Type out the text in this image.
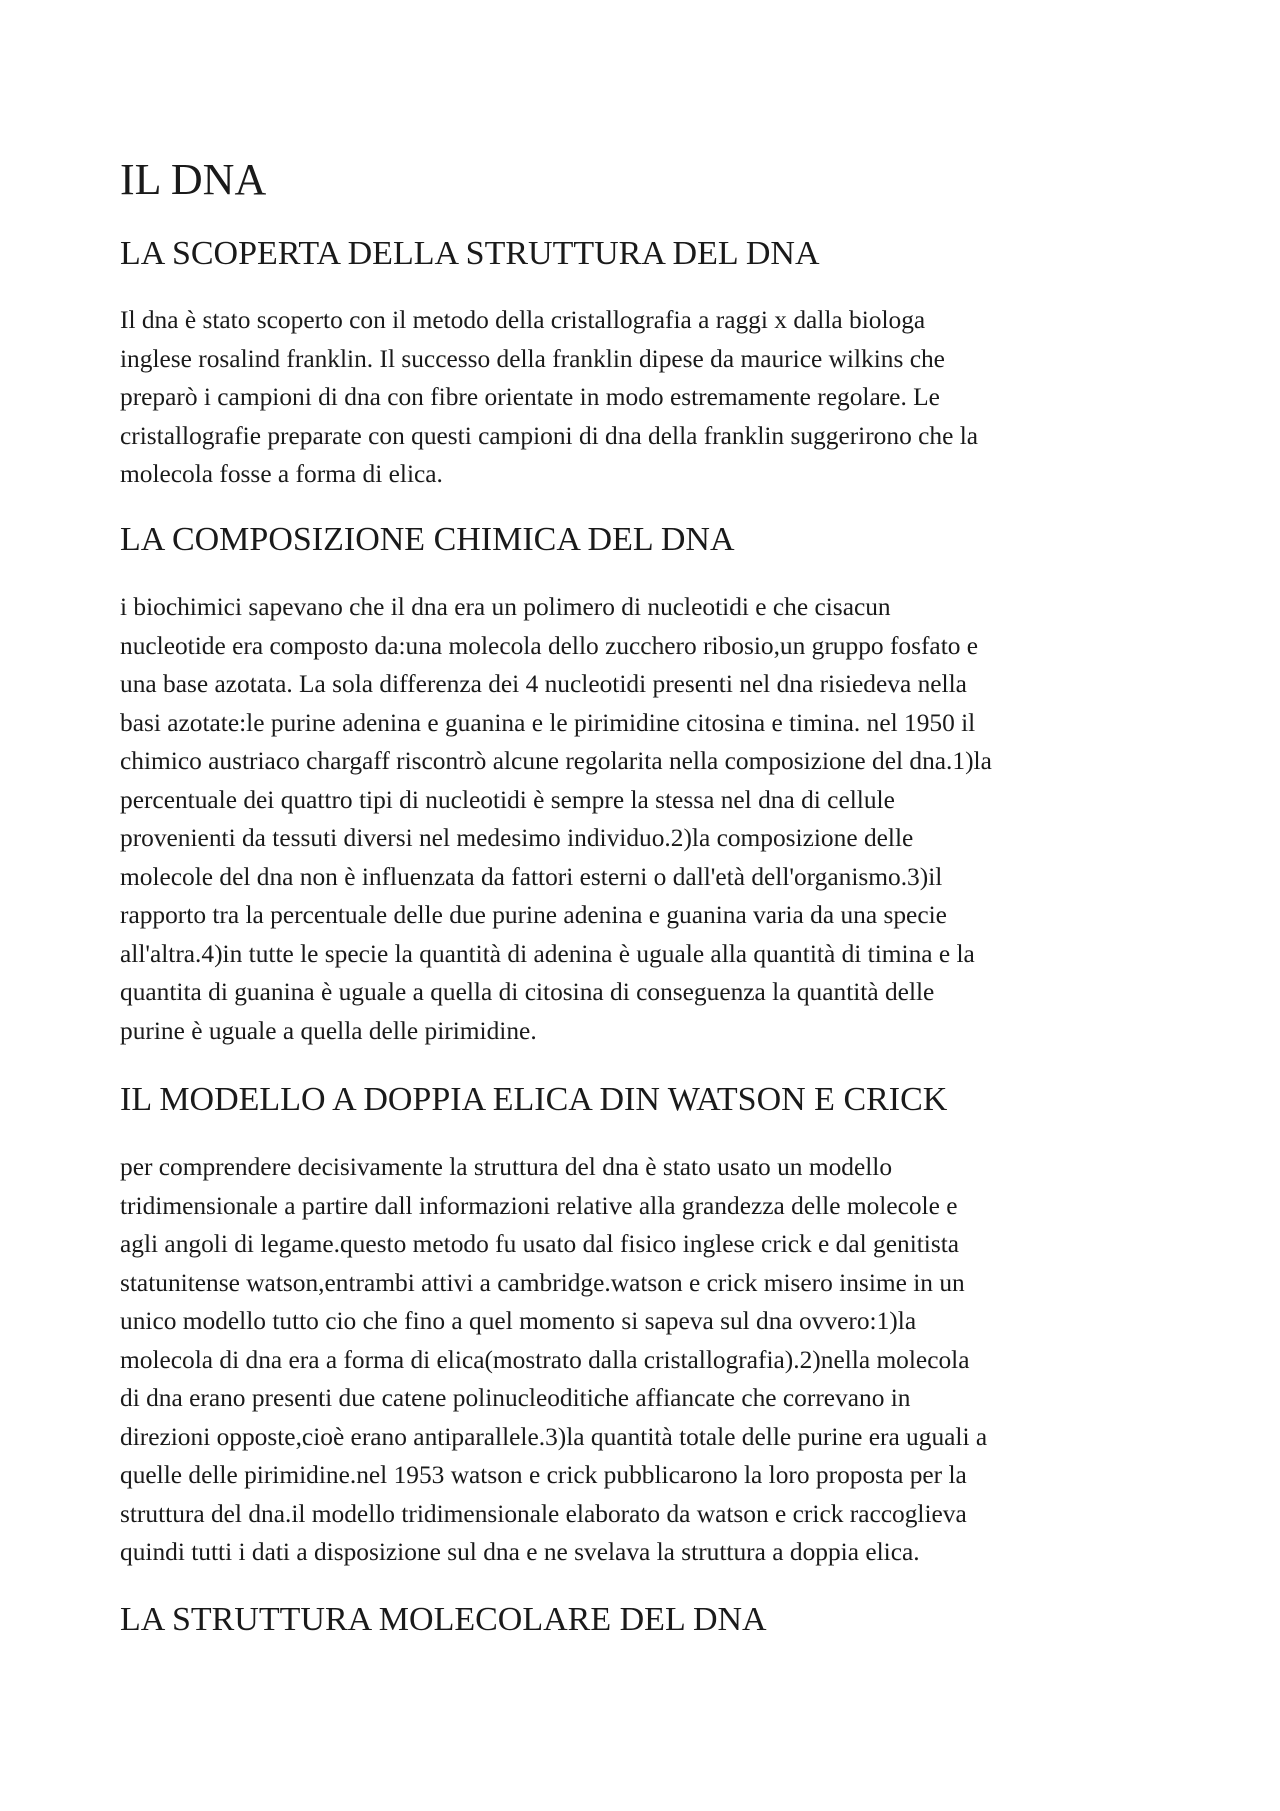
IL DNA
LA SCOPERTA DELLA STRUTTURA DEL DNA

Il dna è stato scoperto con il metodo della cristallografia a raggi x dalla biologa
inglese rosalind franklin. Il successo della franklin dipese da maurice wilkins che
preparò i campioni di dna con fibre orientate in modo estremamente regolare. Le
cristallografie preparate con questi campioni di dna della franklin suggerirono che la
molecola fosse a forma di elica.

LA COMPOSIZIONE CHIMICA DEL DNA

i biochimici sapevano che il dna era un polimero di nucleotidi e che cisacun
nucleotide era composto da:una molecola dello zucchero ribosio,un gruppo fosfato e
una base azotata. La sola differenza dei 4 nucleotidi presenti nel dna risiedeva nella
basi azotate:le purine adenina e guanina e le pirimidine citosina e timina. nel 1950 il
chimico austriaco chargaff riscontrò alcune regolarita nella composizione del dna.1)la
percentuale dei quattro tipi di nucleotidi è sempre la stessa nel dna di cellule
provenienti da tessuti diversi nel medesimo individuo.2)la composizione delle
molecole del dna non è influenzata da fattori esterni o dall'età dell'organismo.3)il
rapporto tra la percentuale delle due purine adenina e guanina varia da una specie
all'altra.4)in tutte le specie la quantità di adenina è uguale alla quantità di timina e la
quantita di guanina è uguale a quella di citosina di conseguenza la quantità delle
purine è uguale a quella delle pirimidine.

IL MODELLO A DOPPIA ELICA DIN WATSON E CRICK

per comprendere decisivamente la struttura del dna è stato usato un modello
tridimensionale a partire dall informazioni relative alla grandezza delle molecole e
agli angoli di legame.questo metodo fu usato dal fisico inglese crick e dal genitista
statunitense watson,entrambi attivi a cambridge.watson e crick misero insime in un
unico modello tutto cio che fino a quel momento si sapeva sul dna ovvero:1)la
molecola di dna era a forma di elica(mostrato dalla cristallografia).2)nella molecola
di dna erano presenti due catene polinucleoditiche affiancate che correvano in
direzioni opposte,cioè erano antiparallele.3)la quantità totale delle purine era uguali a
quelle delle pirimidine.nel 1953 watson e crick pubblicarono la loro proposta per la
struttura del dna.il modello tridimensionale elaborato da watson e crick raccoglieva
quindi tutti i dati a disposizione sul dna e ne svelava la struttura a doppia elica.

LA STRUTTURA MOLECOLARE DEL DNA
